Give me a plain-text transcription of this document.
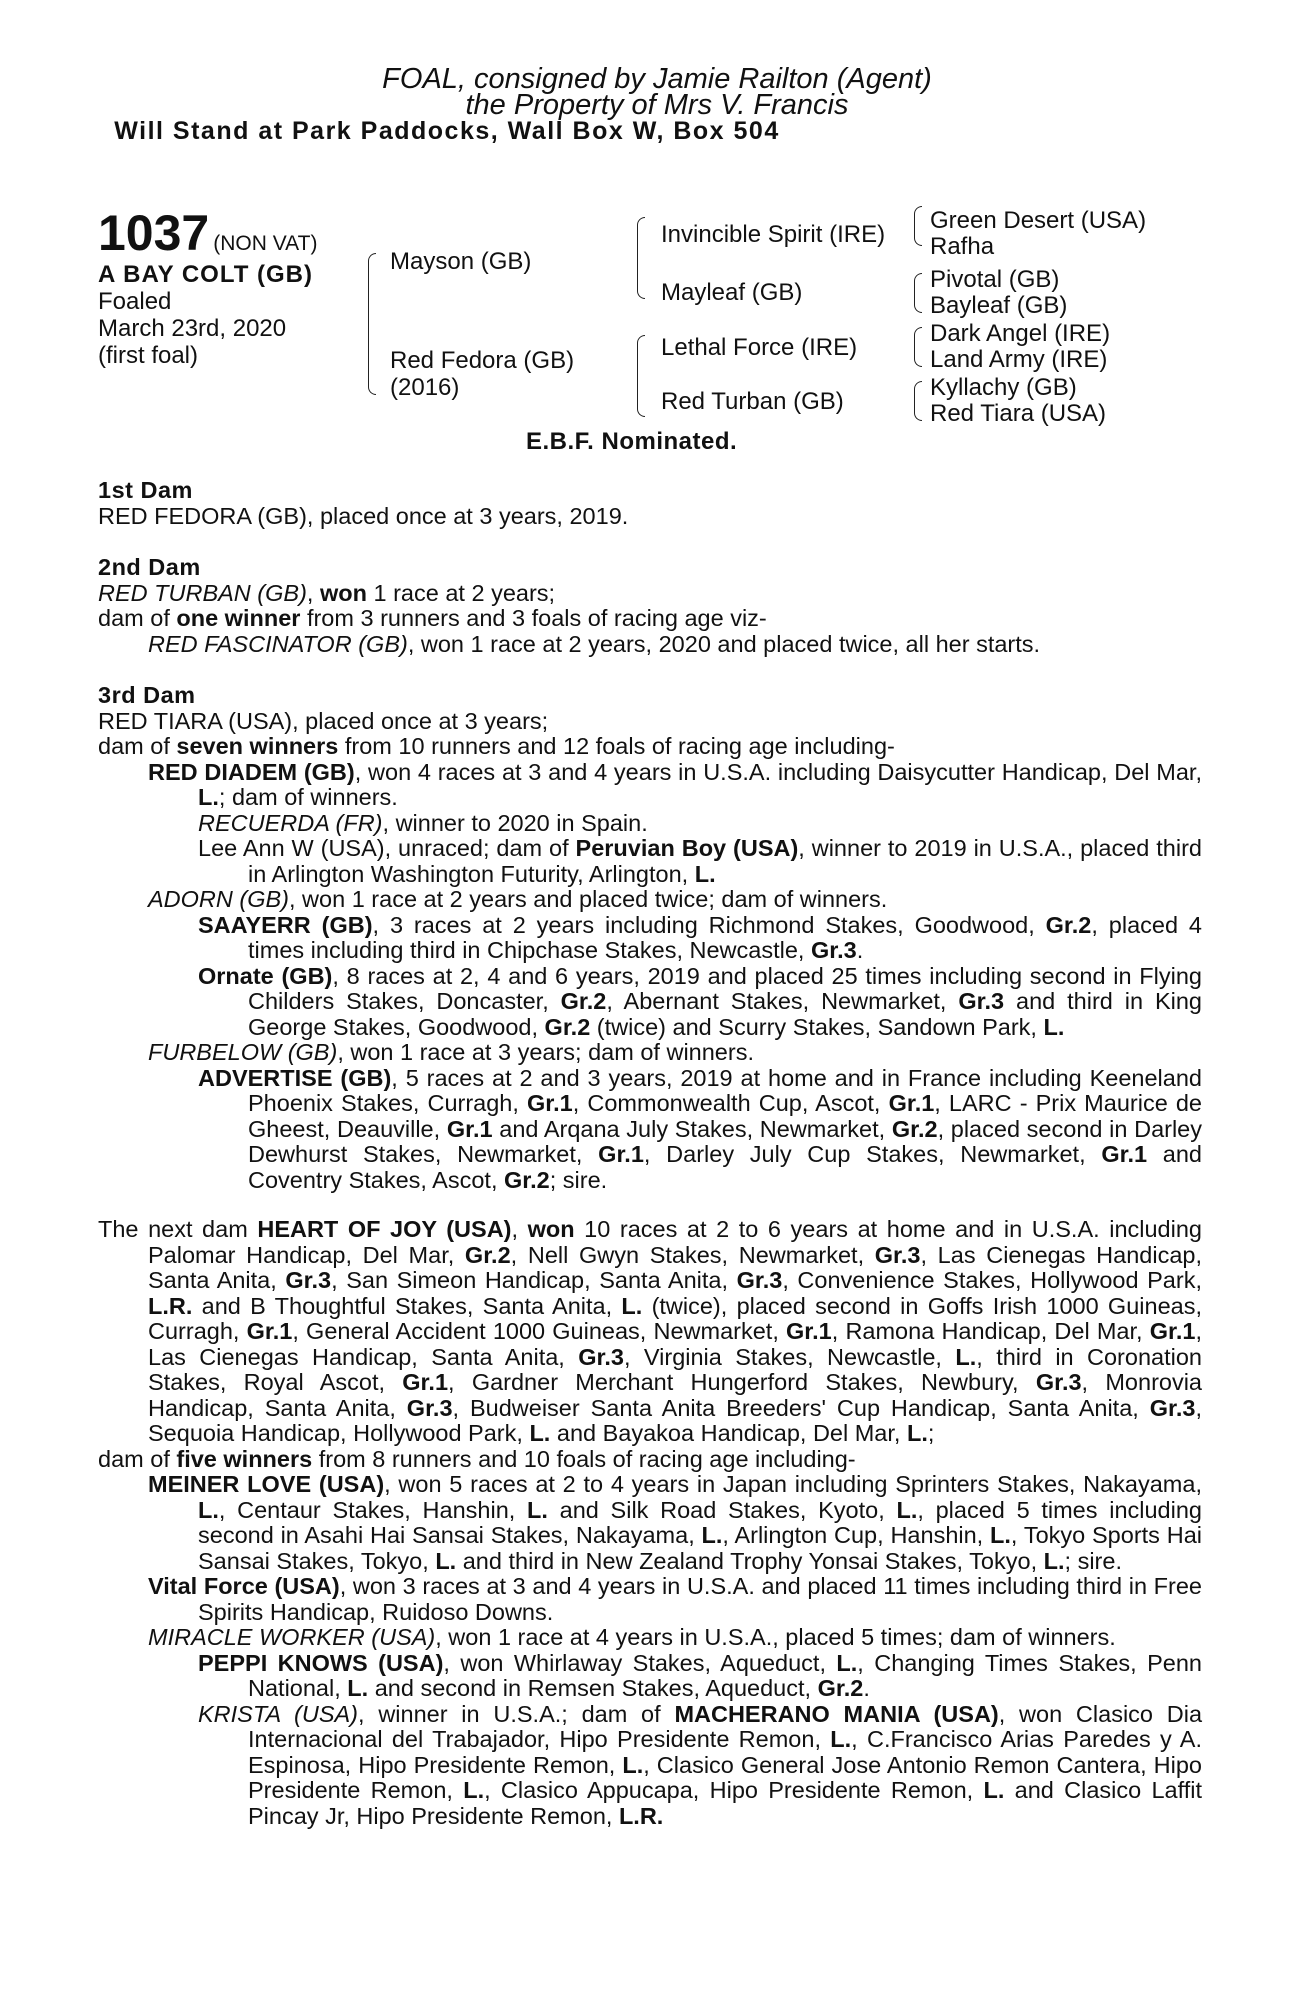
FOAL, consigned by Jamie Railton (Agent)
the Property of Mrs V. Francis
Will Stand at Park Paddocks, Wall Box W, Box 504
1037 (NON VAT)
A BAY COLT (GB)
Foaled
March 23rd, 2020
(first foal)
Mayson (GB)
Red Fedora (GB)
(2016)
Invincible Spirit (IRE)
Mayleaf (GB)
Lethal Force (IRE)
Red Turban (GB)
Green Desert (USA)
Rafha
Pivotal (GB)
Bayleaf (GB)
Dark Angel (IRE)
Land Army (IRE)
Kyllachy (GB)
Red Tiara (USA)
E.B.F. Nominated.
1st Dam
RED FEDORA (GB), placed once at 3 years, 2019.
2nd Dam
RED TURBAN (GB), won 1 race at 2 years;
dam of one winner from 3 runners and 3 foals of racing age viz-
RED FASCINATOR (GB), won 1 race at 2 years, 2020 and placed twice, all her starts.
3rd Dam
RED TIARA (USA), placed once at 3 years;
dam of seven winners from 10 runners and 12 foals of racing age including-
RED DIADEM (GB), won 4 races at 3 and 4 years in U.S.A. including Daisycutter Handicap, Del Mar, L.; dam of winners.
RECUERDA (FR), winner to 2020 in Spain.
Lee Ann W (USA), unraced; dam of Peruvian Boy (USA), winner to 2019 in U.S.A., placed third in Arlington Washington Futurity, Arlington, L.
ADORN (GB), won 1 race at 2 years and placed twice; dam of winners.
SAAYERR (GB), 3 races at 2 years including Richmond Stakes, Goodwood, Gr.2, placed 4 times including third in Chipchase Stakes, Newcastle, Gr.3.
Ornate (GB), 8 races at 2, 4 and 6 years, 2019 and placed 25 times including second in Flying Childers Stakes, Doncaster, Gr.2, Abernant Stakes, Newmarket, Gr.3 and third in King George Stakes, Goodwood, Gr.2 (twice) and Scurry Stakes, Sandown Park, L.
FURBELOW (GB), won 1 race at 3 years; dam of winners.
ADVERTISE (GB), 5 races at 2 and 3 years, 2019 at home and in France including Keeneland Phoenix Stakes, Curragh, Gr.1, Commonwealth Cup, Ascot, Gr.1, LARC - Prix Maurice de Gheest, Deauville, Gr.1 and Arqana July Stakes, Newmarket, Gr.2, placed second in Darley Dewhurst Stakes, Newmarket, Gr.1, Darley July Cup Stakes, Newmarket, Gr.1 and Coventry Stakes, Ascot, Gr.2; sire.
The next dam HEART OF JOY (USA), won 10 races at 2 to 6 years at home and in U.S.A. including Palomar Handicap, Del Mar, Gr.2, Nell Gwyn Stakes, Newmarket, Gr.3, Las Cienegas Handicap, Santa Anita, Gr.3, San Simeon Handicap, Santa Anita, Gr.3, Convenience Stakes, Hollywood Park, L.R. and B Thoughtful Stakes, Santa Anita, L. (twice), placed second in Goffs Irish 1000 Guineas, Curragh, Gr.1, General Accident 1000 Guineas, Newmarket, Gr.1, Ramona Handicap, Del Mar, Gr.1, Las Cienegas Handicap, Santa Anita, Gr.3, Virginia Stakes, Newcastle, L., third in Coronation Stakes, Royal Ascot, Gr.1, Gardner Merchant Hungerford Stakes, Newbury, Gr.3, Monrovia Handicap, Santa Anita, Gr.3, Budweiser Santa Anita Breeders' Cup Handicap, Santa Anita, Gr.3, Sequoia Handicap, Hollywood Park, L. and Bayakoa Handicap, Del Mar, L.;
dam of five winners from 8 runners and 10 foals of racing age including-
MEINER LOVE (USA), won 5 races at 2 to 4 years in Japan including Sprinters Stakes, Nakayama, L., Centaur Stakes, Hanshin, L. and Silk Road Stakes, Kyoto, L., placed 5 times including second in Asahi Hai Sansai Stakes, Nakayama, L., Arlington Cup, Hanshin, L., Tokyo Sports Hai Sansai Stakes, Tokyo, L. and third in New Zealand Trophy Yonsai Stakes, Tokyo, L.; sire.
Vital Force (USA), won 3 races at 3 and 4 years in U.S.A. and placed 11 times including third in Free Spirits Handicap, Ruidoso Downs.
MIRACLE WORKER (USA), won 1 race at 4 years in U.S.A., placed 5 times; dam of winners.
PEPPI KNOWS (USA), won Whirlaway Stakes, Aqueduct, L., Changing Times Stakes, Penn National, L. and second in Remsen Stakes, Aqueduct, Gr.2.
KRISTA (USA), winner in U.S.A.; dam of MACHERANO MANIA (USA), won Clasico Dia Internacional del Trabajador, Hipo Presidente Remon, L., C.Francisco Arias Paredes y A. Espinosa, Hipo Presidente Remon, L., Clasico General Jose Antonio Remon Cantera, Hipo Presidente Remon, L., Clasico Appucapa, Hipo Presidente Remon, L. and Clasico Laffit Pincay Jr, Hipo Presidente Remon, L.R.
